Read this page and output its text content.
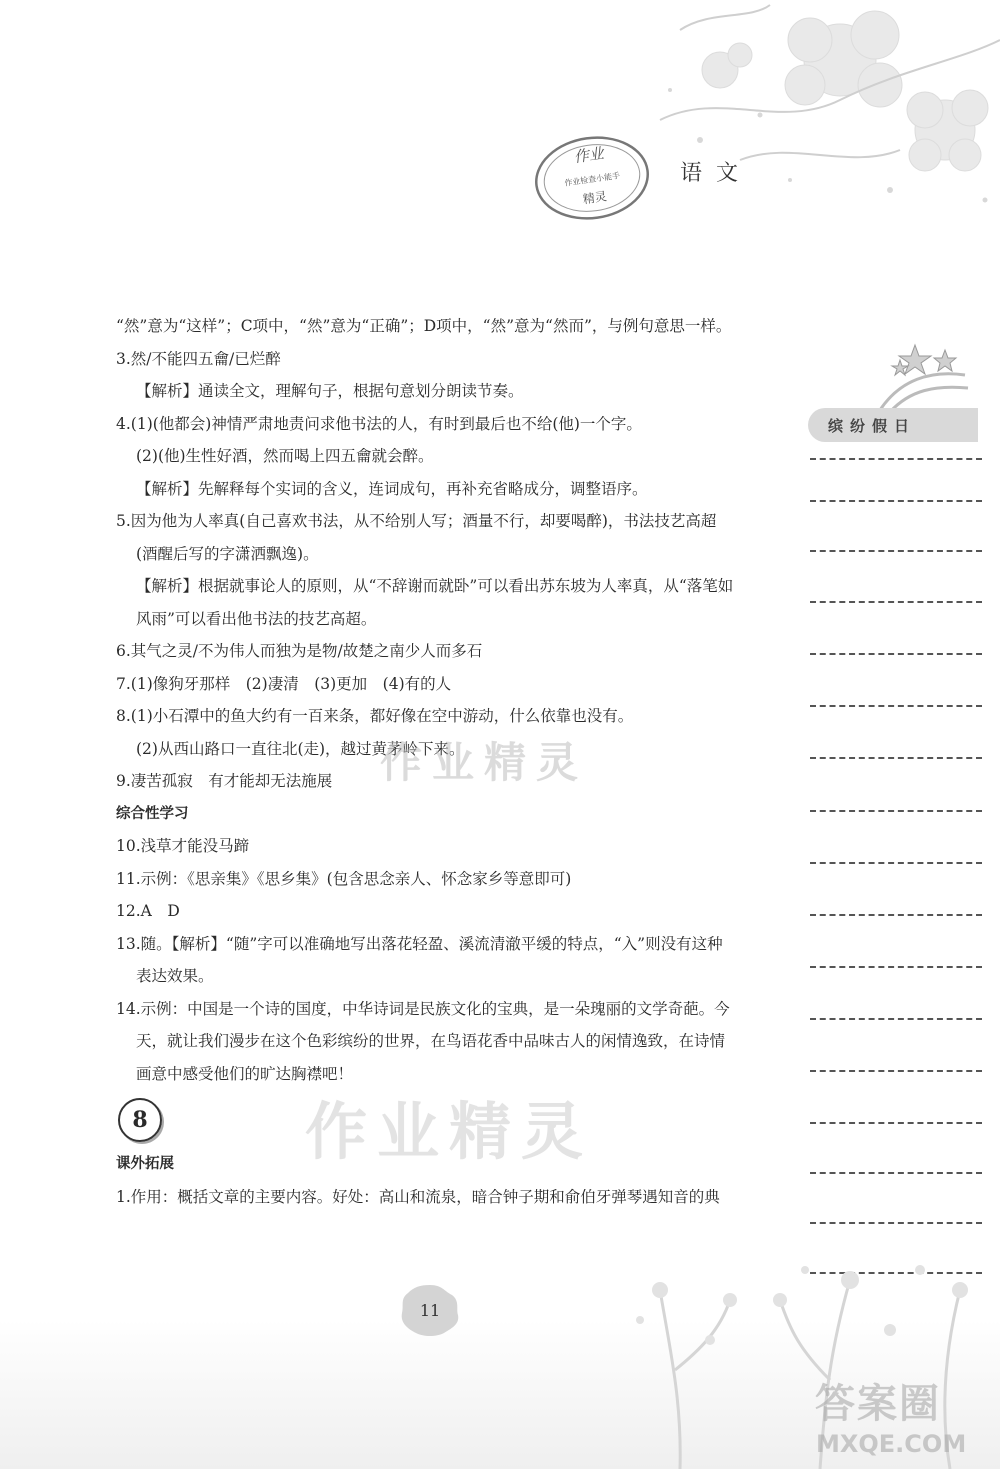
作业
作业检查小能手
精灵
语文

“然”意为“这样”；C项中，“然”意为“正确”；D项中，“然”意为“然而”，与例句意思一样。

3.然/不能四五龠/已烂醉

【解析】通读全文，理解句子，根据句意划分朗读节奏。

4.(1)(他都会)神情严肃地责问求他书法的人，有时到最后也不给(他)一个字。

(2)(他)生性好酒，然而喝上四五龠就会醉。

【解析】先解释每个实词的含义，连词成句，再补充省略成分，调整语序。

5.因为他为人率真(自己喜欢书法，从不给别人写；酒量不行，却要喝醉)，书法技艺高超

(酒醒后写的字潇洒飘逸)。

【解析】根据就事论人的原则，从“不辞谢而就卧”可以看出苏东坡为人率真，从“落笔如

风雨”可以看出他书法的技艺高超。

6.其气之灵/不为伟人而独为是物/故楚之南少人而多石

7.(1)像狗牙那样　(2)凄清　(3)更加　(4)有的人

8.(1)小石潭中的鱼大约有一百来条，都好像在空中游动，什么依靠也没有。

(2)从西山路口一直往北(走)，越过黄茅岭下来。

9.凄苦孤寂　有才能却无法施展

综合性学习

10.浅草才能没马蹄

11.示例：《思亲集》《思乡集》(包含思念亲人、怀念家乡等意即可)

12.A　D

13.随。【解析】“随”字可以准确地写出落花轻盈、溪流清澈平缓的特点，“入”则没有这种

表达效果。

14.示例：中国是一个诗的国度，中华诗词是民族文化的宝典，是一朵瑰丽的文学奇葩。今

天，就让我们漫步在这个色彩缤纷的世界，在鸟语花香中品味古人的闲情逸致，在诗情

画意中感受他们的旷达胸襟吧！

8

课外拓展

1.作用：概括文章的主要内容。好处：高山和流泉，暗合钟子期和俞伯牙弹琴遇知音的典

缤纷假日
作业精灵
作业精灵
11
答案圈
MXQE.COM
